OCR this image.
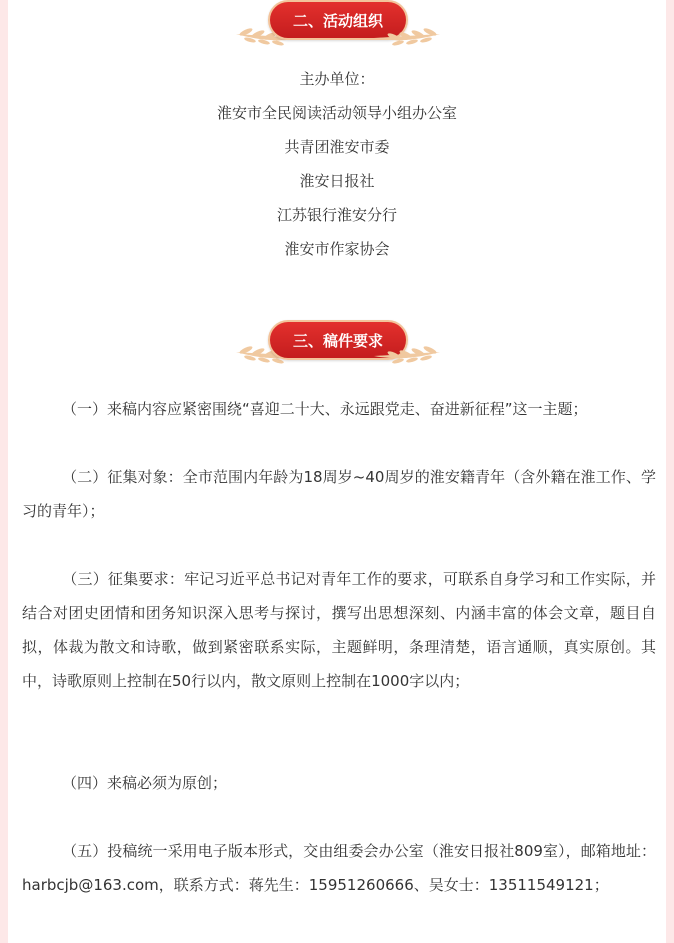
二、活动组织
主办单位：
淮安市全民阅读活动领导小组办公室
共青团淮安市委
淮安日报社
江苏银行淮安分行
淮安市作家协会
三、稿件要求

（一）来稿内容应紧密围绕“喜迎二十大、永远跟党走、奋进新征程”这一主题；

（二）征集对象：全市范围内年龄为18周岁~40周岁的淮安籍青年（含外籍在淮工作、学习的青年）；

（三）征集要求：牢记习近平总书记对青年工作的要求，可联系自身学习和工作实际，并结合对团史团情和团务知识深入思考与探讨，撰写出思想深刻、内涵丰富的体会文章，题目自拟，体裁为散文和诗歌，做到紧密联系实际，主题鲜明，条理清楚，语言通顺，真实原创。其中，诗歌原则上控制在50行以内，散文原则上控制在1000字以内；

（四）来稿必须为原创；

（五）投稿统一采用电子版本形式，交由组委会办公室（淮安日报社809室），邮箱地址：harbcjb@163.com，联系方式：蒋先生：15951260666、吴女士：13511549121；
